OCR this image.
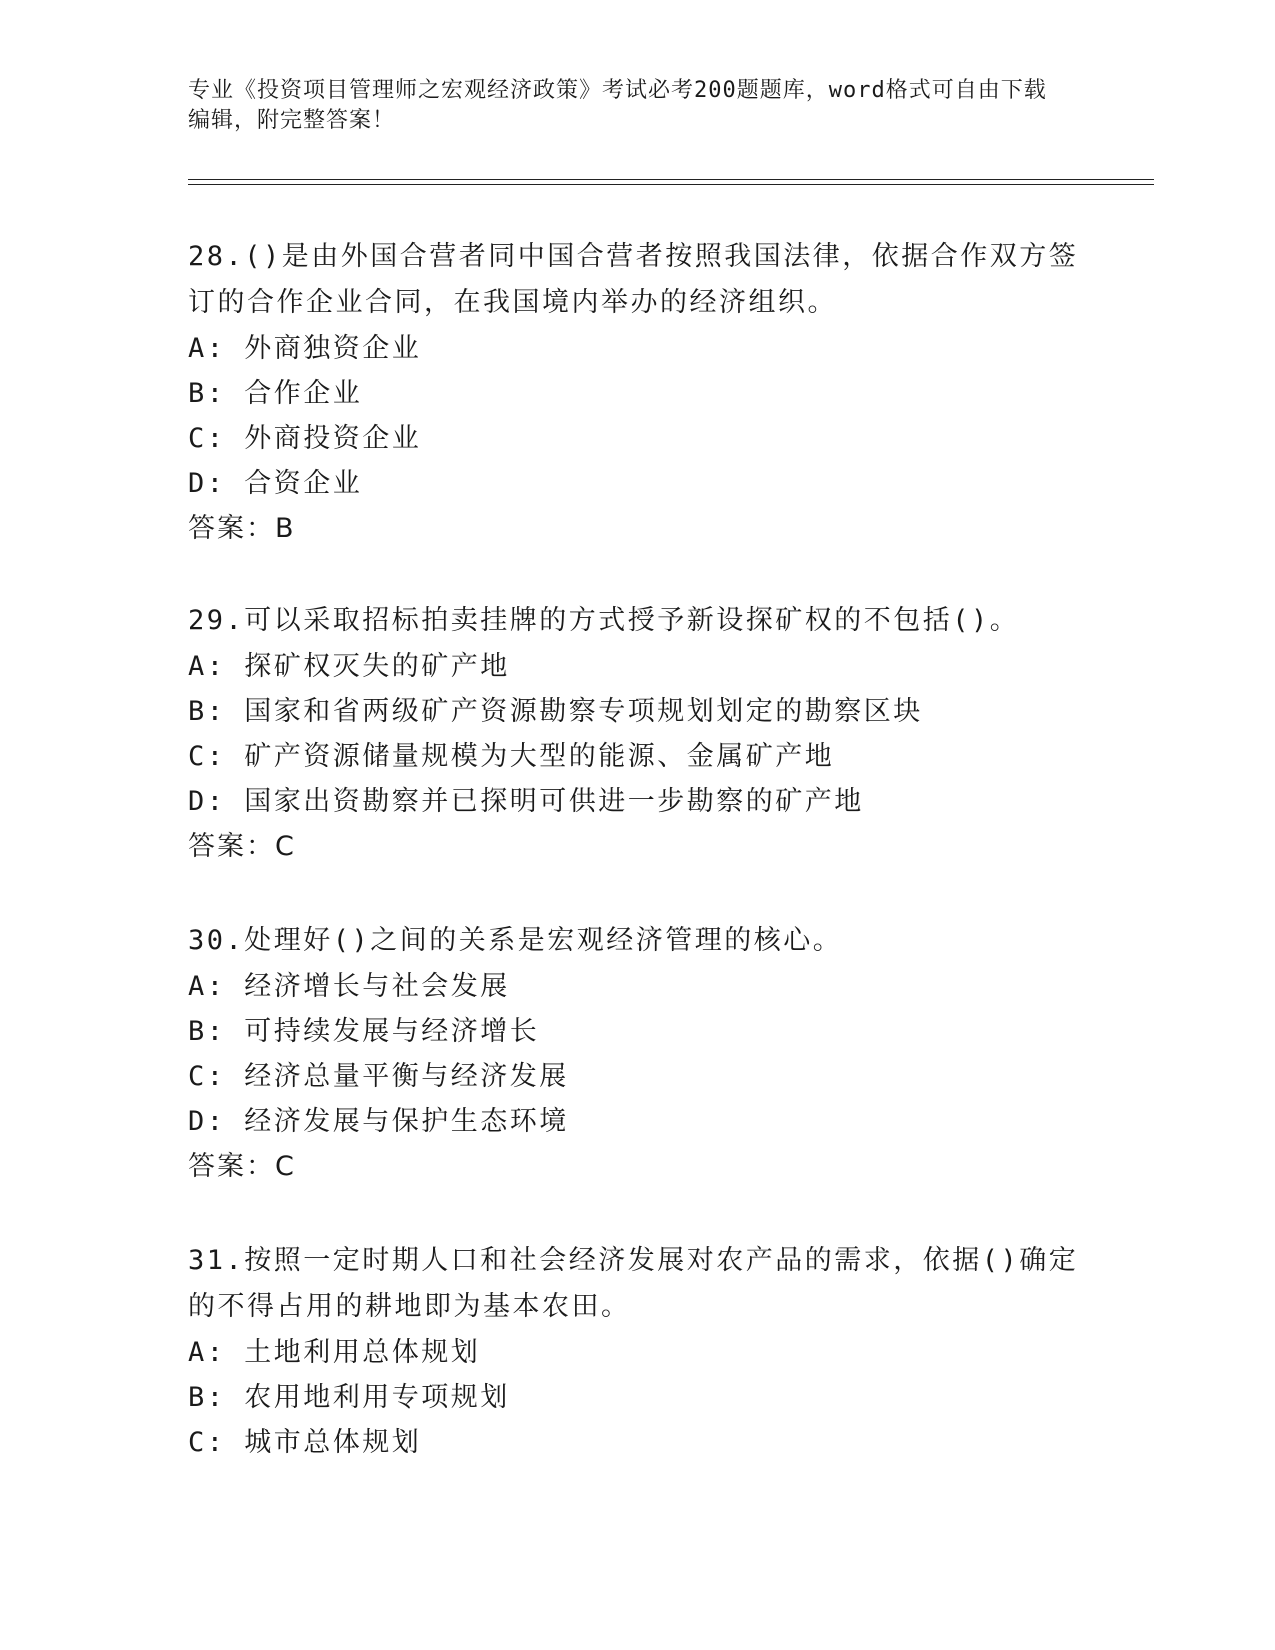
专业《投资项目管理师之宏观经济政策》考试必考200题题库，word格式可自由下载编辑，附完整答案！

28.()是由外国合营者同中国合营者按照我国法律，依据合作双方签订的合作企业合同，在我国境内举办的经济组织。

A: 外商独资企业

B: 合作企业

C: 外商投资企业

D: 合资企业

答案：B

29.可以采取招标拍卖挂牌的方式授予新设探矿权的不包括()。

A: 探矿权灭失的矿产地

B: 国家和省两级矿产资源勘察专项规划划定的勘察区块

C: 矿产资源储量规模为大型的能源、金属矿产地

D: 国家出资勘察并已探明可供进一步勘察的矿产地

答案：C

30.处理好()之间的关系是宏观经济管理的核心。

A: 经济增长与社会发展

B: 可持续发展与经济增长

C: 经济总量平衡与经济发展

D: 经济发展与保护生态环境

答案：C

31.按照一定时期人口和社会经济发展对农产品的需求，依据()确定的不得占用的耕地即为基本农田。

A: 土地利用总体规划

B: 农用地利用专项规划

C: 城市总体规划
